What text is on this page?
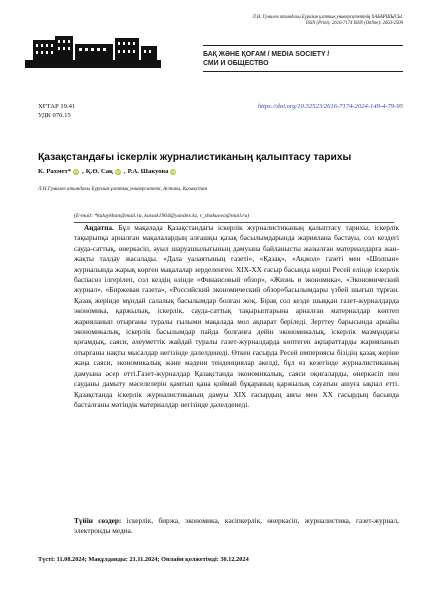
Л.Н. Гумилев атындағы Еуразия ұлттық университетінің ХАБАРШЫСЫ.
ISSN (Print): 2616-7174 ISSN (Online): 2663-2500
БАҚ ЖӘНЕ ҚОҒАМ / MEDIA SOCIETY /
СМИ И ОБЩЕСТВО
ХҒТАР 19.41
УДК 070.15
https://doi.org/10.32523/2616-7174-2024-149-4-79-95
Қазақстандағы іскерлік журналистиканың қалыптасу тарихы
К. Рахмет* iD , Қ.Ө. Сақ iD , Р.А. Шакуова iD
Л.Н.Гумилев атындағы Еуразия ұлттық университеті, Астана, Қазақстан
(E-mail: *kulaykhan@mail.ru, kaisak1964@yandex.kz, r_shakuova@mail.ru)
Аңдатпа. Бұл мақалада Қазақстандағы іскерлік журналистиканың қалыптасу тарихы, іскерлік тақырыпқа арналған мақалалардың алғашқы қазақ басылымдарында жарияланa бастауы, сол кездегі сауда-саттық, өнеркәсіп, ауыл шаруашылығының дамуына байланысты жазылған материалдарға жан-жақты талдау жасалады. «Дала уалаятының газеті», «Қазақ», «Ақжол» газеті мен «Шолпан» журналында жарық көрген мақалалар зерделенген. XIX-XX ғасыр басында көрші Ресей елінде іскерлік баспасөз ілгерілеп, сол кездің өзінде «Финансовый обзор», «Жизнь и экономика», «Экономический журнал», «Биржевая газета», «Российский экономический обзор»басылымдары үзбей шығып тұрған. Қазақ жерінде мұндай салалық басылымдар болған жоқ. Бірақ сол кезде шыққан газет-журналдарда экономика, қаржылық, іскерлік, сауда-саттық тақырыптарына арналған материалдар көптеп жарияланып отырғаны туралы ғылыми мақалада мол ақпарат беріледі. Зерттеу барысында арнайы экономикалық, іскерлік басылымдар пайда болғанға дейін экономикалық, іскерлік мазмұндағы қоғамдық, саяси, әлеуметтік жайдай туралы газет-журналдарда көптеген ақпараттарды жарияланып отырғаны нақты мысалдар негізінде дәлелденеді. Өткен ғасырда Ресей империясы бізідің қазақ жеріне жаңа саяси, экономикалық және мәдени тенденциялар әкелді, бұл өз кезегінде журналистиканың дамуына әсер етті.Газет-журналдар Қазақстанда экономикалық, саяси оқиғаларды, өнеркәсіп пен сауданы дамыту мәселелерін қамтып қана қоймай бұқараның қаржылық сауатын ашуға ықпал етті. Қазақстанда іскерлік журналистиканың дамуы XIX ғасырдың аяғы мен XX ғасырдың басында басталғаны мәтіндік материалдар негізінде дәлелденеді.
Түйін сөздер: іскерлік, биржа, экономика, кәсіпкерлік, өнеркәсіп, журналистика, газет-журнал, электронды медиа.
Түсті: 11.08.2024; Мақұлданды: 21.11.2024; Онлайн қолжетімді: 30.12.2024
